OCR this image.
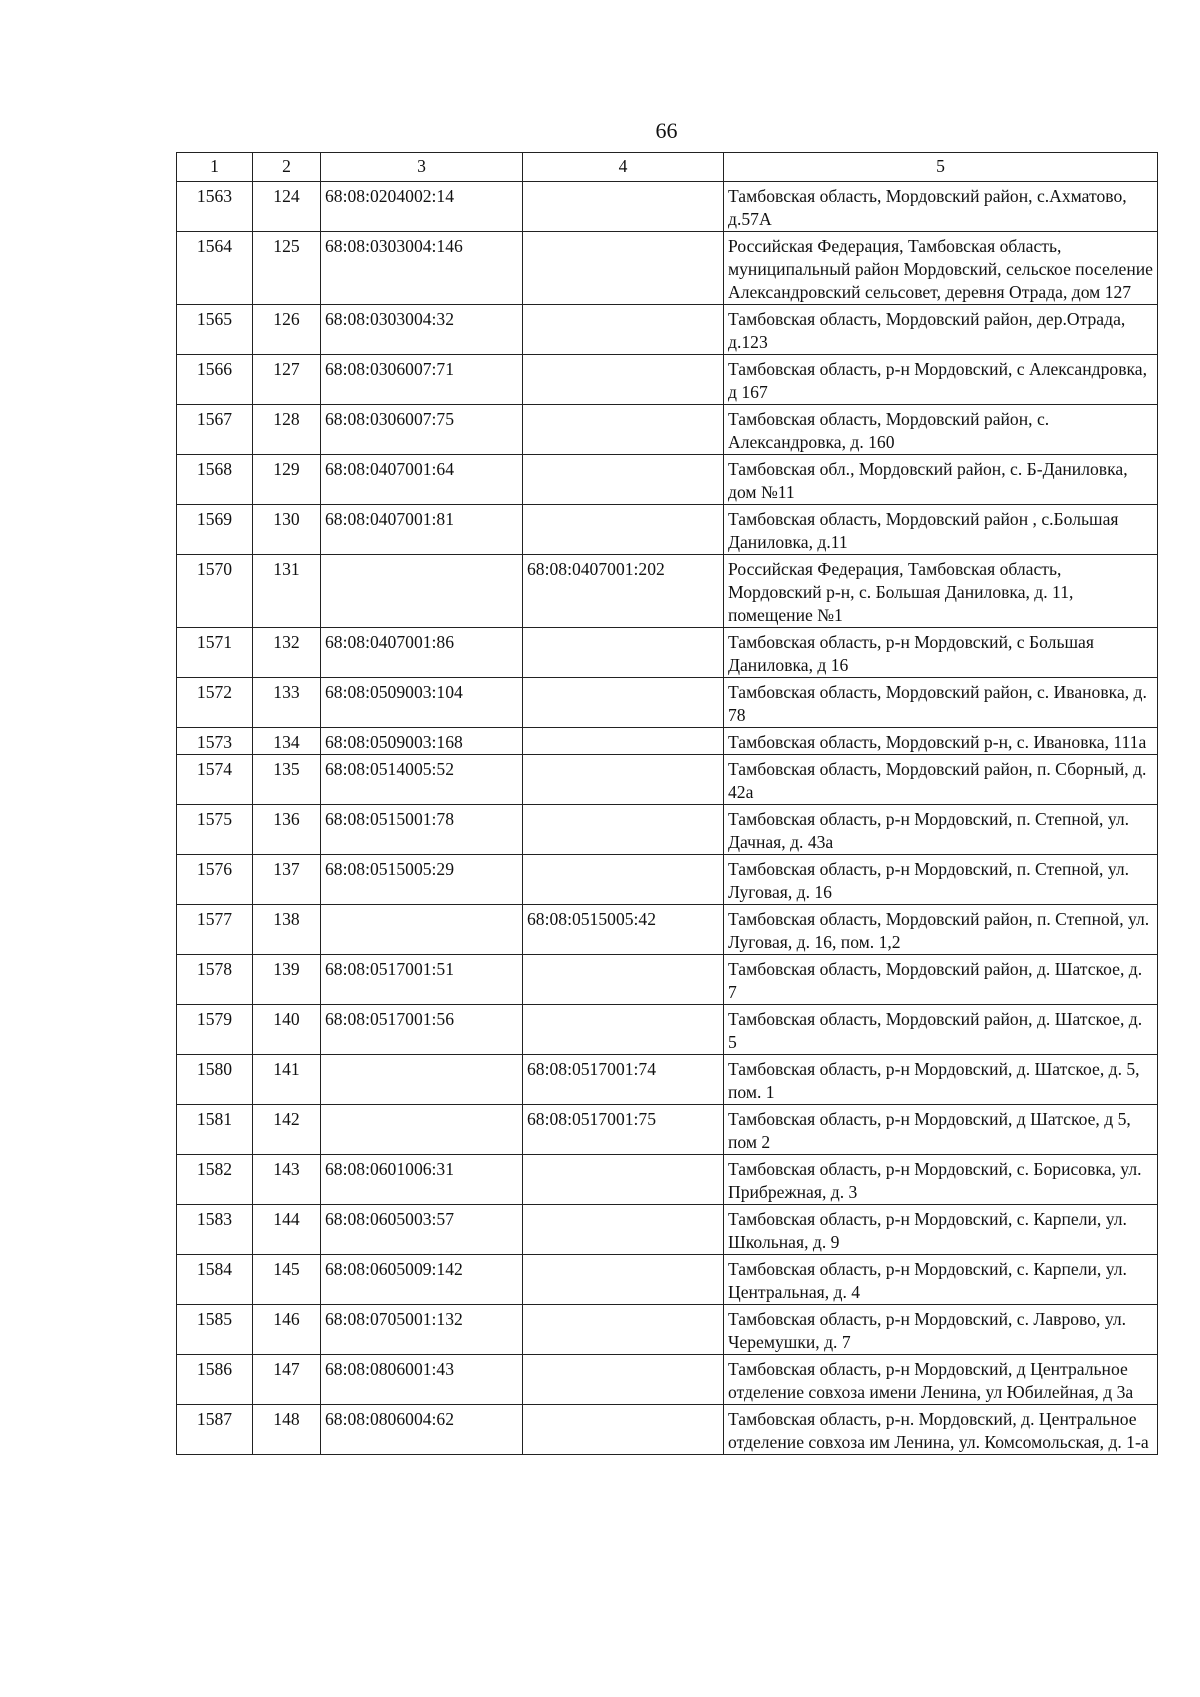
66
1	2	3	4	5
1563	124	68:08:0204002:14		Тамбовская область, Мордовский район, с.Ахматово, д.57А
1564	125	68:08:0303004:146		Российская Федерация, Тамбовская область, муниципальный район Мордовский, сельское поселение Александровский сельсовет, деревня Отрада, дом 127
1565	126	68:08:0303004:32		Тамбовская область, Мордовский район, дер.Отрада, д.123
1566	127	68:08:0306007:71		Тамбовская область, р-н Мордовский, с Александровка, д 167
1567	128	68:08:0306007:75		Тамбовская область, Мордовский район, с. Александровка, д. 160
1568	129	68:08:0407001:64		Тамбовская обл., Мордовский район, с. Б-Даниловка, дом №11
1569	130	68:08:0407001:81		Тамбовская область, Мордовский район , с.Большая Даниловка, д.11
1570	131		68:08:0407001:202	Российская Федерация, Тамбовская область, Мордовский р-н, с. Большая Даниловка, д. 11, помещение №1
1571	132	68:08:0407001:86		Тамбовская область, р-н Мордовский, с Большая Даниловка, д 16
1572	133	68:08:0509003:104		Тамбовская область, Мордовский район, с. Ивановка, д. 78
1573	134	68:08:0509003:168		Тамбовская область, Мордовский р-н, с. Ивановка, 111а
1574	135	68:08:0514005:52		Тамбовская область, Мордовский район, п. Сборный, д. 42а
1575	136	68:08:0515001:78		Тамбовская область, р-н Мордовский, п. Степной, ул. Дачная, д. 43а
1576	137	68:08:0515005:29		Тамбовская область, р-н Мордовский, п. Степной, ул. Луговая, д. 16
1577	138		68:08:0515005:42	Тамбовская область, Мордовский район, п. Степной, ул. Луговая, д. 16, пом. 1,2
1578	139	68:08:0517001:51		Тамбовская область, Мордовский район, д. Шатское, д. 7
1579	140	68:08:0517001:56		Тамбовская область, Мордовский район, д. Шатское, д. 5
1580	141		68:08:0517001:74	Тамбовская область, р-н Мордовский, д. Шатское, д. 5, пом. 1
1581	142		68:08:0517001:75	Тамбовская область, р-н Мордовский, д Шатское, д 5, пом 2
1582	143	68:08:0601006:31		Тамбовская область, р-н Мордовский, с. Борисовка, ул. Прибрежная, д. 3
1583	144	68:08:0605003:57		Тамбовская область, р-н Мордовский, с. Карпели, ул. Школьная, д. 9
1584	145	68:08:0605009:142		Тамбовская область, р-н Мордовский, с. Карпели, ул. Центральная, д. 4
1585	146	68:08:0705001:132		Тамбовская область, р-н Мордовский, с. Лаврово, ул. Черемушки, д. 7
1586	147	68:08:0806001:43		Тамбовская область, р-н Мордовский, д Центральное отделение совхоза имени Ленина, ул Юбилейная, д 3а
1587	148	68:08:0806004:62		Тамбовская область, р-н. Мордовский, д. Центральное отделение совхоза им Ленина, ул. Комсомольская, д. 1-а
